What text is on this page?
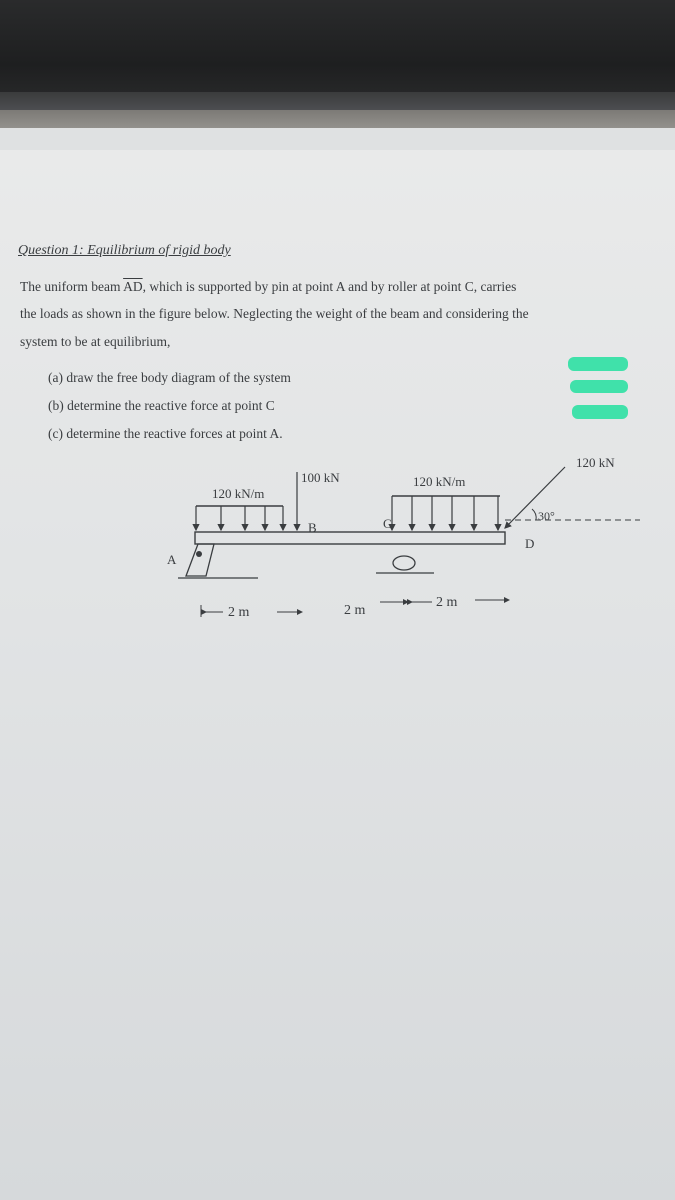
Question 1: Equilibrium of rigid body
The uniform beam $\overline{AD}$, which is supported by pin at point A and by roller at point C, carries
the loads as shown in the figure below. Neglecting the weight of the beam and considering the
system to be at equilibrium,
(a) draw the free body diagram of the system
(b) determine the reactive force at point C
(c) determine the reactive forces at point A.
120 kN/m
100 kN	120 kN/m
120 kN
30°
A
B	C
D
2 m	2 m
2 m
